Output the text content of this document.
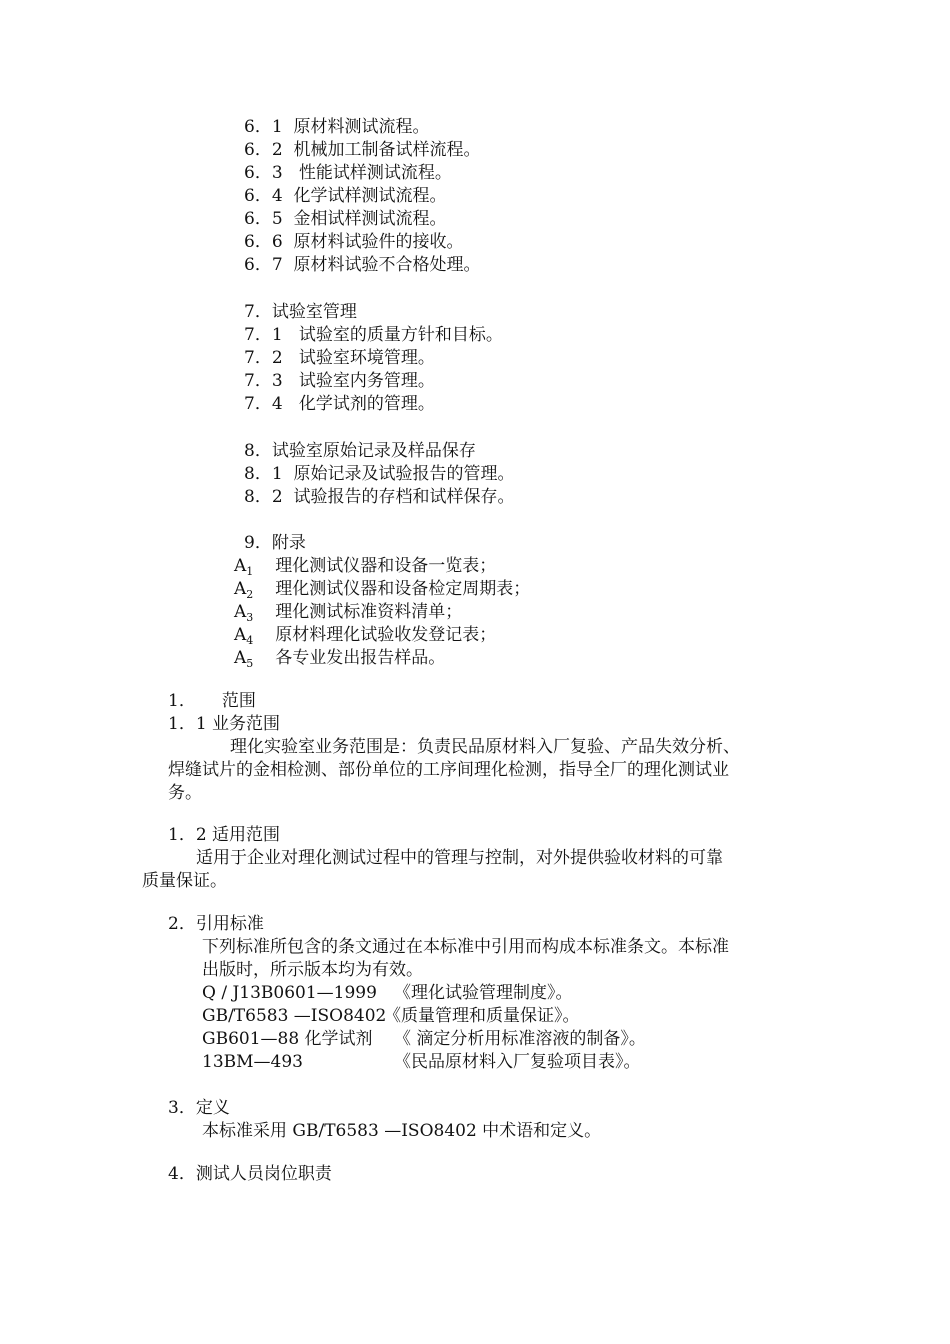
6．1 原材料测试流程。
6．2 机械加工制备试样流程。
6．3 性能试样测试流程。
6．4 化学试样测试流程。
6．5 金相试样测试流程。
6．6 原材料试验件的接收。
6．7 原材料试验不合格处理。
7．试验室管理
7．1 试验室的质量方针和目标。
7．2 试验室环境管理。
7．3 试验室内务管理。
7．4 化学试剂的管理。
8．试验室原始记录及样品保存
8．1 原始记录及试验报告的管理。
8．2 试验报告的存档和试样保存。
9．附录
$A_1$ 理化测试仪器和设备一览表；
$A_2$ 理化测试仪器和设备检定周期表；
$A_3$ 理化测试标准资料清单；
$A_4$ 原材料理化试验收发登记表；
$A_5$ 各专业发出报告样品。
1． 范围
1．1 业务范围
理化实验室业务范围是：负责民品原材料入厂复验、产品失效分析、
焊缝试片的金相检测、部份单位的工序间理化检测，指导全厂的理化测试业
务。
1．2 适用范围
适用于企业对理化测试过程中的管理与控制，对外提供验收材料的可靠
质量保证。
2．引用标准
下列标准所包含的条文通过在本标准中引用而构成本标准条文。本标准
出版时，所示版本均为有效。
Q / J13B0601—1999 《理化试验管理制度》。
GB/T6583 —ISO8402
《质量管理和质量保证》。
GB601—88 化学试剂 《 滴定分析用标准溶液的制备》。
13BM—493	《民品原材料入厂复验项目表》。
3．定义
本标准采用 GB/T6583 —ISO8402 中术语和定义。
4．测试人员岗位职责
